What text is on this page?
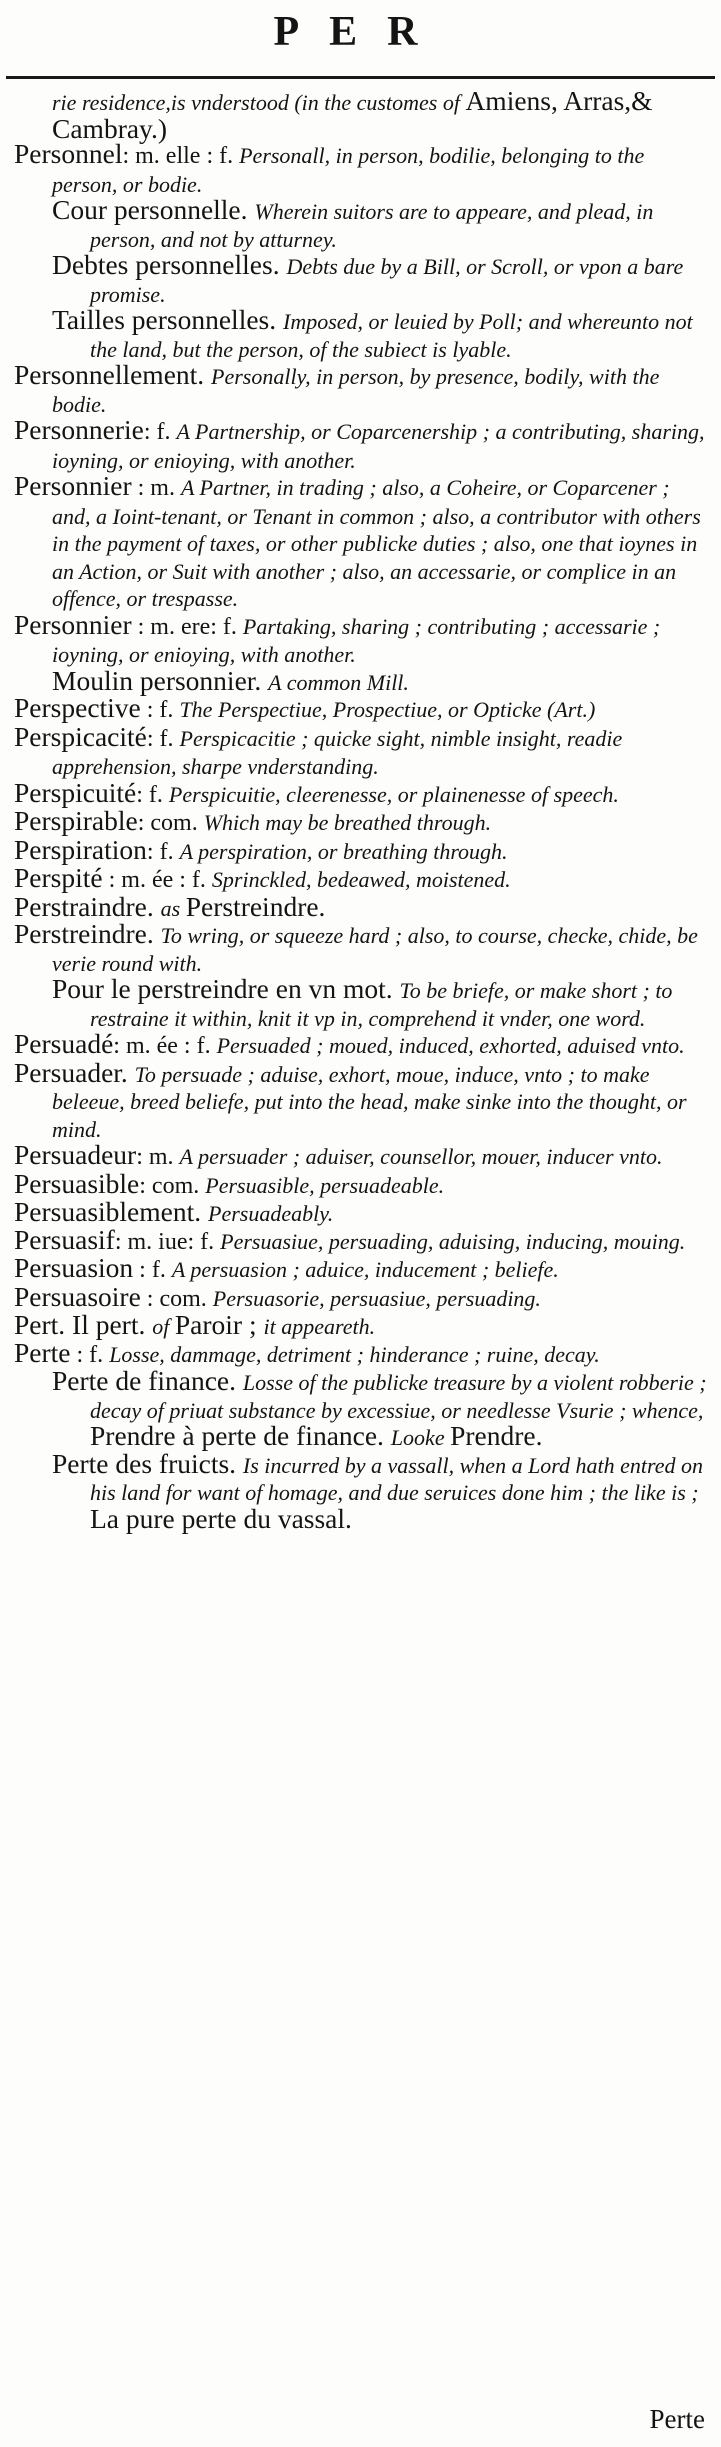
PER

rie residence,is vnderstood (in the customes of Amiens, Arras,& Cambray.)

Personnel: m. elle : f. Personall, in person, bodilie, belonging to the person, or bodie.

Cour personnelle. Wherein suitors are to appeare, and plead, in person, and not by atturney.

Debtes personnelles. Debts due by a Bill, or Scroll, or vpon a bare promise.

Tailles personnelles. Imposed, or leuied by Poll; and whereunto not the land, but the person, of the subiect is lyable.

Personnellement. Personally, in person, by presence, bodily, with the bodie.

Personnerie: f. A Partnership, or Coparcenership ; a contributing, sharing, ioyning, or enioying, with another.

Personnier : m. A Partner, in trading ; also, a Coheire, or Coparcener ; and, a Ioint-tenant, or Tenant in common ; also, a contributor with others in the payment of taxes, or other publicke duties ; also, one that ioynes in an Action, or Suit with another ; also, an accessarie, or complice in an offence, or trespasse.

Personnier : m. ere: f. Partaking, sharing ; contributing ; accessarie ; ioyning, or enioying, with another.

Moulin personnier. A common Mill.

Perspective : f. The Perspectiue, Prospectiue, or Opticke (Art.)

Perspicacité: f. Perspicacitie ; quicke sight, nimble insight, readie apprehension, sharpe vnderstanding.

Perspicuité: f. Perspicuitie, cleerenesse, or plainenesse of speech.

Perspirable: com. Which may be breathed through.

Perspiration: f. A perspiration, or breathing through.

Perspité : m. ée : f. Sprinckled, bedeawed, moistened.

Perstraindre. as Perstreindre.

Perstreindre. To wring, or squeeze hard ; also, to course, checke, chide, be verie round with.

Pour le perstreindre en vn mot. To be briefe, or make short ; to restraine it within, knit it vp in, comprehend it vnder, one word.

Persuadé: m. ée : f. Persuaded ; moued, induced, exhorted, aduised vnto.

Persuader. To persuade ; aduise, exhort, moue, induce, vnto ; to make beleeue, breed beliefe, put into the head, make sinke into the thought, or mind.

Persuadeur: m. A persuader ; aduiser, counsellor, mouer, inducer vnto.

Persuasible: com. Persuasible, persuadeable.

Persuasiblement. Persuadeably.

Persuasif: m. iue: f. Persuasiue, persuading, aduising, inducing, mouing.

Persuasion : f. A persuasion ; aduice, inducement ; beliefe.

Persuasoire : com. Persuasorie, persuasiue, persuading.

Pert. Il pert. of Paroir ; it appeareth.

Perte : f. Losse, dammage, detriment ; hinderance ; ruine, decay.

Perte de finance. Losse of the publicke treasure by a violent robberie ; decay of priuat substance by excessiue, or needlesse Vsurie ; whence, Prendre à perte de finance. Looke Prendre.

Perte des fruicts. Is incurred by a vassall, when a Lord hath entred on his land for want of homage, and due seruices done him ; the like is ; La pure perte du vassal.

Perte
